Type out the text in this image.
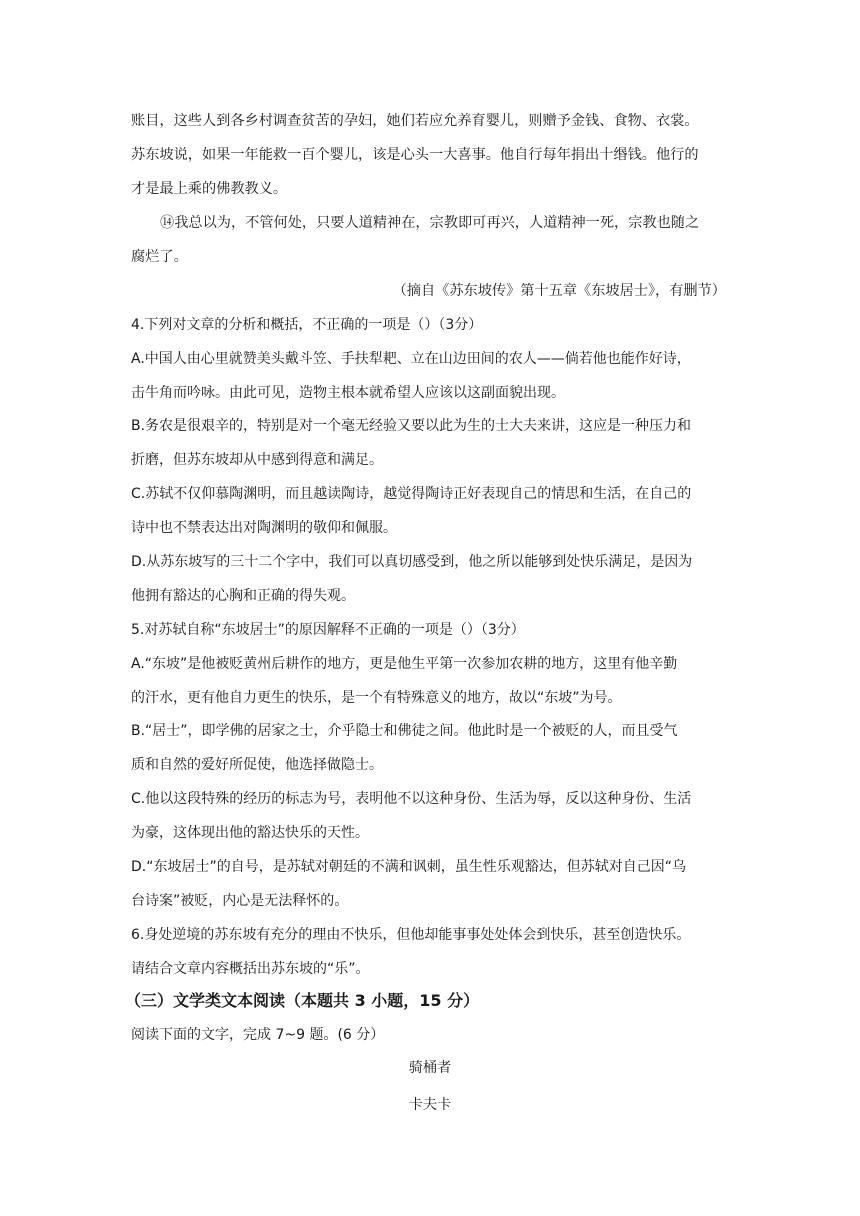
账目，这些人到各乡村调查贫苦的孕妇，她们若应允养育婴儿，则赠予金钱、食物、衣裳。
苏东坡说，如果一年能救一百个婴儿，该是心头一大喜事。他自行每年捐出十缗钱。他行的
才是最上乘的佛教教义。
⑭我总以为，不管何处，只要人道精神在，宗教即可再兴，人道精神一死，宗教也随之
腐烂了。
（摘自《苏东坡传》第十五章《东坡居士》，有删节）
4.下列对文章的分析和概括，不正确的一项是（）（3分）
A.中国人由心里就赞美头戴斗笠、手扶犁耙、立在山边田间的农人——倘若他也能作好诗，
击牛角而吟咏。由此可见，造物主根本就希望人应该以这副面貌出现。
B.务农是很艰辛的，特别是对一个毫无经验又要以此为生的士大夫来讲，这应是一种压力和
折磨，但苏东坡却从中感到得意和满足。
C.苏轼不仅仰慕陶渊明，而且越读陶诗，越觉得陶诗正好表现自己的情思和生活，在自己的
诗中也不禁表达出对陶渊明的敬仰和佩服。
D.从苏东坡写的三十二个字中，我们可以真切感受到，他之所以能够到处快乐满足，是因为
他拥有豁达的心胸和正确的得失观。
5.对苏轼自称“东坡居士”的原因解释不正确的一项是（）（3分）
A.“东坡”是他被贬黄州后耕作的地方，更是他生平第一次参加农耕的地方，这里有他辛勤
的汗水，更有他自力更生的快乐，是一个有特殊意义的地方，故以“东坡”为号。
B.“居士”，即学佛的居家之士，介乎隐士和佛徒之间。他此时是一个被贬的人，而且受气
质和自然的爱好所促使，他选择做隐士。
C.他以这段特殊的经历的标志为号，表明他不以这种身份、生活为辱，反以这种身份、生活
为豪，这体现出他的豁达快乐的天性。
D.“东坡居士”的自号，是苏轼对朝廷的不满和讽刺，虽生性乐观豁达，但苏轼对自己因“乌
台诗案”被贬，内心是无法释怀的。
6.身处逆境的苏东坡有充分的理由不快乐，但他却能事事处处体会到快乐，甚至创造快乐。
请结合文章内容概括出苏东坡的“乐”。
（三）文学类文本阅读（本题共 3 小题，15 分）
阅读下面的文字，完成 7~9 题。(6 分）
骑桶者
卡夫卡
